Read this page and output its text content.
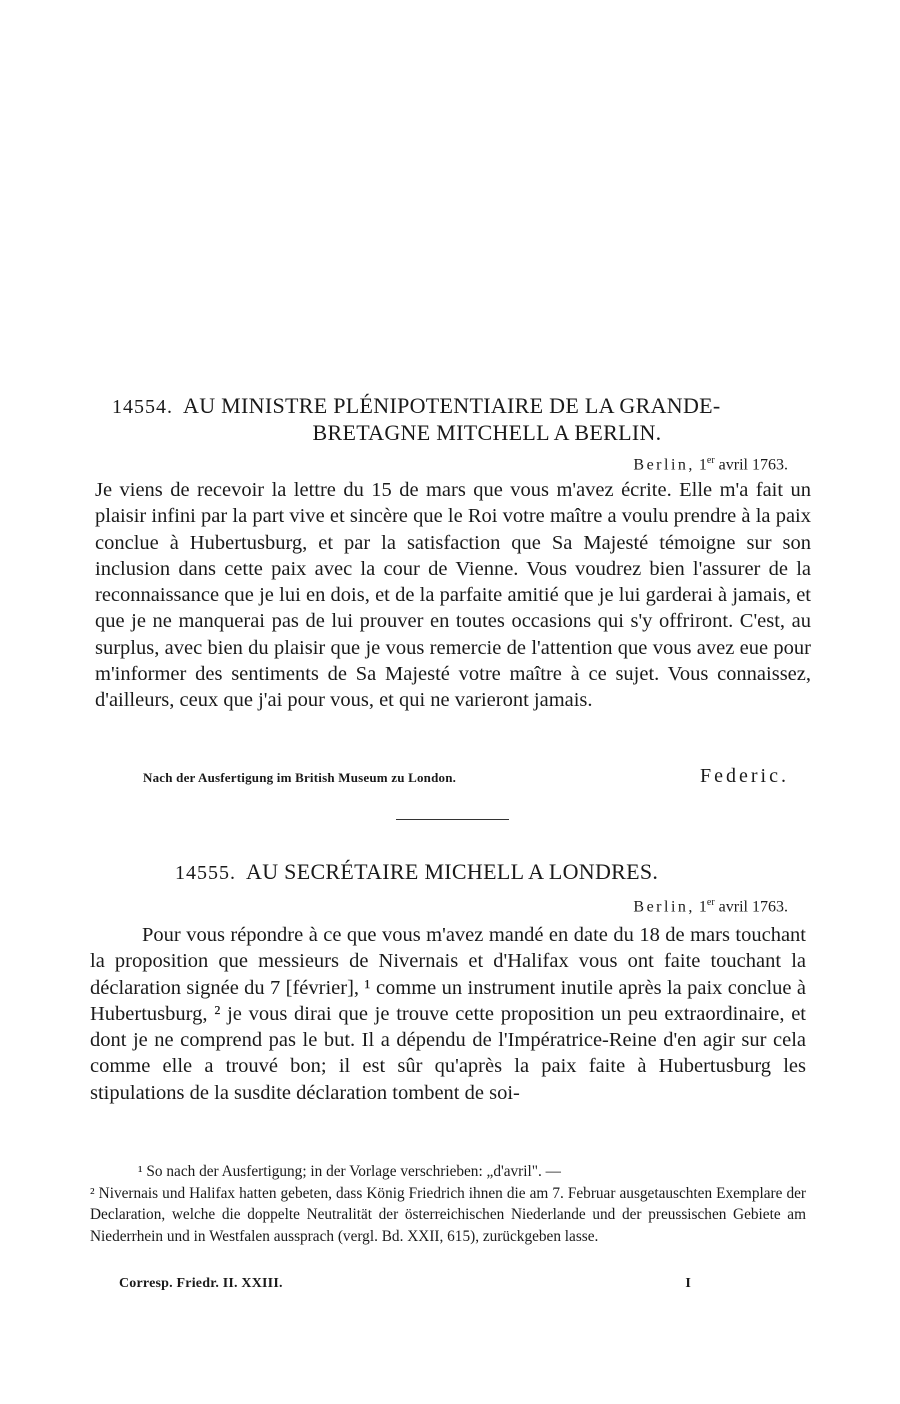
14554. AU MINISTRE PLÉNIPOTENTIAIRE DE LA GRANDE-
BRETAGNE MITCHELL A BERLIN.
Berlin, 1er avril 1763.

Je viens de recevoir la lettre du 15 de mars que vous m'avez écrite. Elle m'a fait un plaisir infini par la part vive et sincère que le Roi votre maître a voulu prendre à la paix conclue à Hubertusburg, et par la satisfaction que Sa Majesté témoigne sur son inclusion dans cette paix avec la cour de Vienne. Vous voudrez bien l'assurer de la reconnaissance que je lui en dois, et de la parfaite amitié que je lui garderai à jamais, et que je ne manquerai pas de lui prouver en toutes occasions qui s'y offriront. C'est, au surplus, avec bien du plaisir que je vous remercie de l'attention que vous avez eue pour m'informer des sentiments de Sa Majesté votre maître à ce sujet. Vous connaissez, d'ailleurs, ceux que j'ai pour vous, et qui ne varieront jamais.

Nach der Ausfertigung im British Museum zu London.	Federic.
14555. AU SECRÉTAIRE MICHELL A LONDRES.
Berlin, 1er avril 1763.

Pour vous répondre à ce que vous m'avez mandé en date du 18 de mars touchant la proposition que messieurs de Nivernais et d'Halifax vous ont faite touchant la déclaration signée du 7 [février], ¹ comme un instrument inutile après la paix conclue à Hubertusburg, ² je vous dirai que je trouve cette proposition un peu extraordinaire, et dont je ne comprend pas le but. Il a dépendu de l'Impératrice-Reine d'en agir sur cela comme elle a trouvé bon; il est sûr qu'après la paix faite à Hubertusburg les stipulations de la susdite déclaration tombent de soi-

¹ So nach der Ausfertigung; in der Vorlage verschrieben: „d'avril". —

² Nivernais und Halifax hatten gebeten, dass König Friedrich ihnen die am 7. Februar ausgetauschten Exemplare der Declaration, welche die doppelte Neutralität der österreichischen Niederlande und der preussischen Gebiete am Niederrhein und in Westfalen aussprach (vergl. Bd. XXII, 615), zurückgeben lasse.

Corresp. Friedr. II. XXIII.	I
